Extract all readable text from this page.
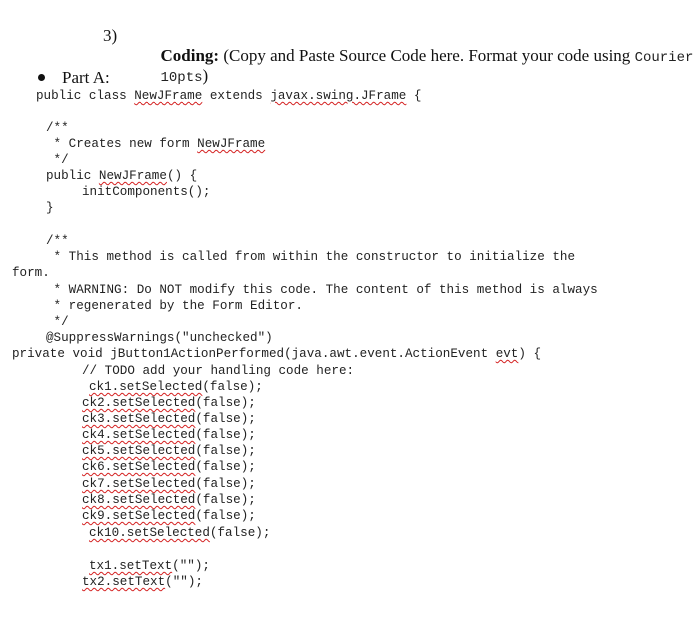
3)

Coding: (Copy and Paste Source Code here. Format your code using Courier

10pts)

Part A:

public class NewJFrame extends javax.swing.JFrame {

/**

* Creates new form NewJFrame

*/

public NewJFrame() {

initComponents();

}

/**

* This method is called from within the constructor to initialize the

form.

* WARNING: Do NOT modify this code. The content of this method is always

* regenerated by the Form Editor.

*/

@SuppressWarnings("unchecked")

private void jButton1ActionPerformed(java.awt.event.ActionEvent evt) {

// TODO add your handling code here:

ck1.setSelected(false);

ck2.setSelected(false);

ck3.setSelected(false);

ck4.setSelected(false);

ck5.setSelected(false);

ck6.setSelected(false);

ck7.setSelected(false);

ck8.setSelected(false);

ck9.setSelected(false);

ck10.setSelected(false);

tx1.setText("");

tx2.setText("");
